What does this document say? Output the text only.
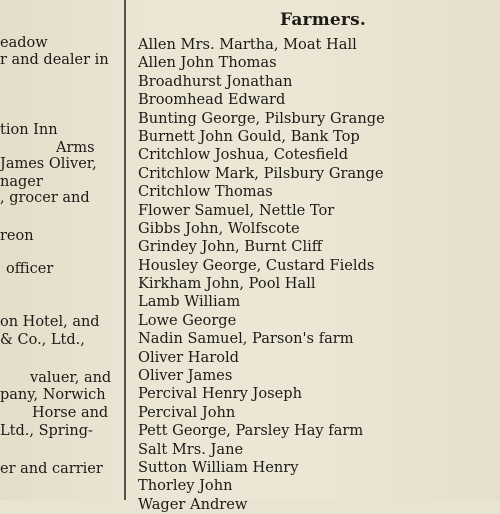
eadow
r and dealer in
tion Inn
Arms
James Oliver,
nager
, grocer and
reon
officer
on Hotel, and
& Co., Ltd.,
valuer, and
pany, Norwich
Horse and
Ltd., Spring-
er and carrier
Farmers.
Allen Mrs. Martha, Moat Hall
Allen John Thomas
Broadhurst Jonathan
Broomhead Edward
Bunting George, Pilsbury Grange
Burnett John Gould, Bank Top
Critchlow Joshua, Cotesfield
Critchlow Mark, Pilsbury Grange
Critchlow Thomas
Flower Samuel, Nettle Tor
Gibbs John, Wolfscote
Grindey John, Burnt Cliff
Housley George, Custard Fields
Kirkham John, Pool Hall
Lamb William
Lowe George
Nadin Samuel, Parson's farm
Oliver Harold
Oliver James
Percival Henry Joseph
Percival John
Pett George, Parsley Hay farm
Salt Mrs. Jane
Sutton William Henry
Thorley John
Wager Andrew
